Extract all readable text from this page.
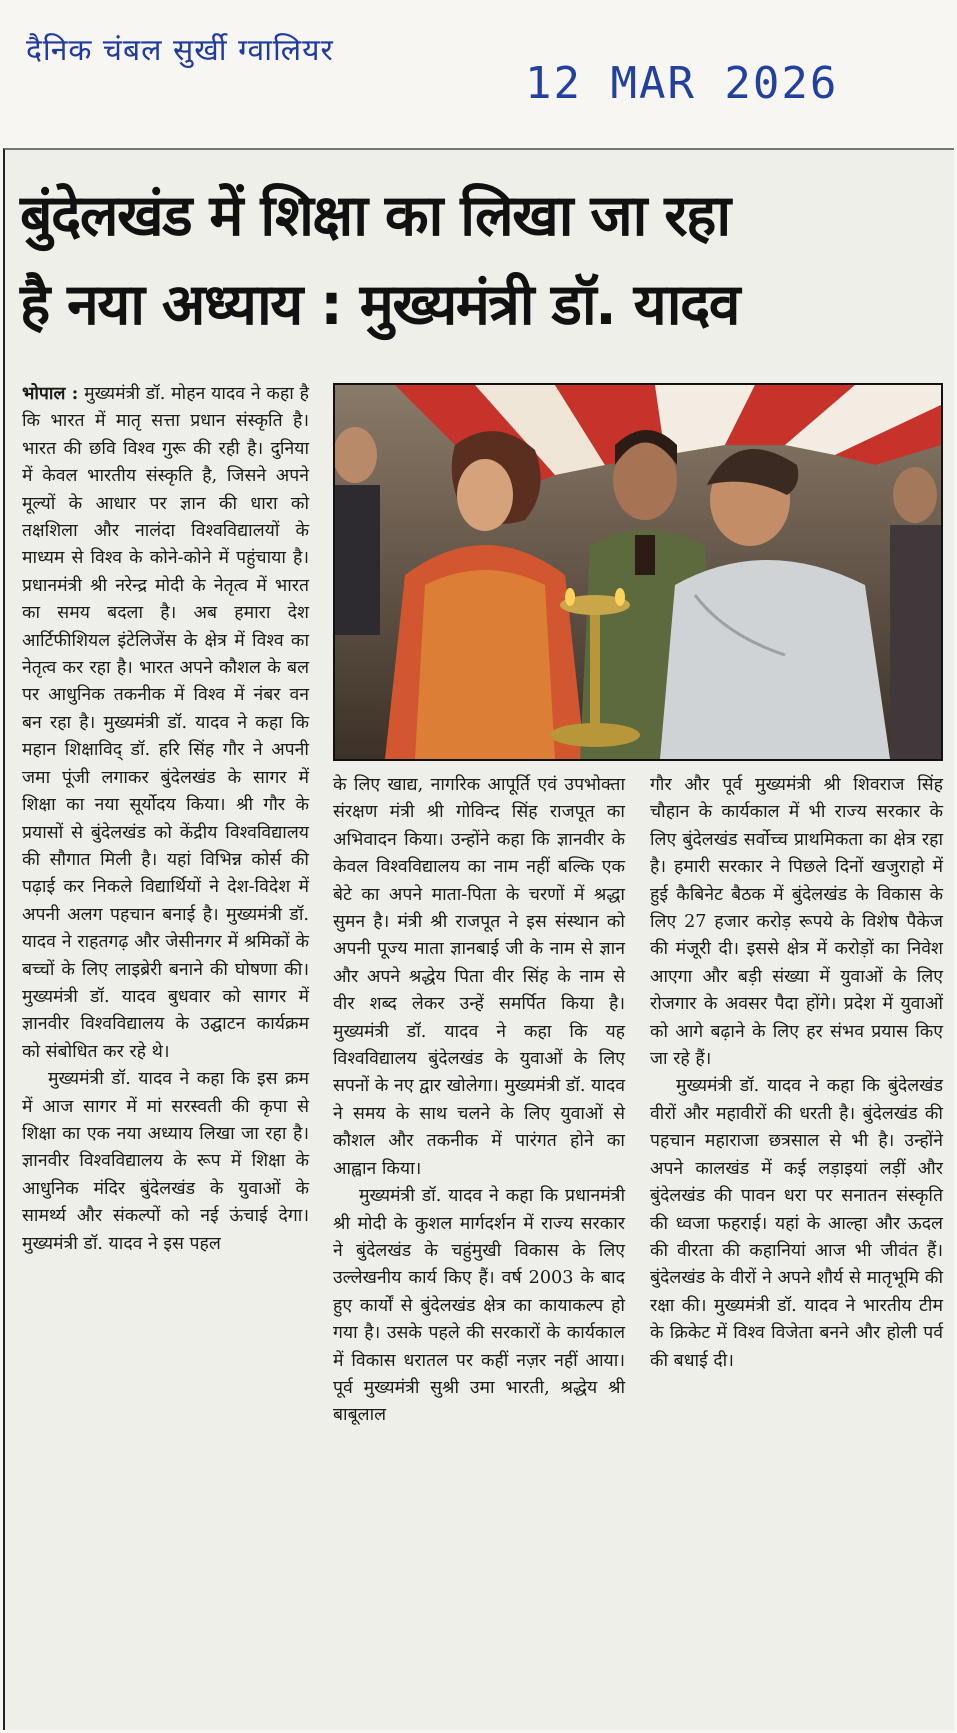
दैनिक चंबल सुर्खी ग्वालियर
12 MAR 2026
बुंदेलखंड में शिक्षा का लिखा जा रहा
है नया अध्याय : मुख्यमंत्री डॉ. यादव

भोपाल : मुख्यमंत्री डॉ. मोहन यादव ने कहा है कि भारत में मातृ सत्ता प्रधान संस्कृति है। भारत की छवि विश्व गुरू की रही है। दुनिया में केवल भारतीय संस्कृति है, जिसने अपने मूल्यों के आधार पर ज्ञान की धारा को तक्षशिला और नालंदा विश्वविद्यालयों के माध्यम से विश्व के कोने-कोने में पहुंचाया है। प्रधानमंत्री श्री नरेन्द्र मोदी के नेतृत्व में भारत का समय बदला है। अब हमारा देश आर्टिफीशियल इंटेलिजेंस के क्षेत्र में विश्व का नेतृत्व कर रहा है। भारत अपने कौशल के बल पर आधुनिक तकनीक में विश्व में नंबर वन बन रहा है। मुख्यमंत्री डॉ. यादव ने कहा कि महान शिक्षाविद् डॉ. हरि सिंह गौर ने अपनी जमा पूंजी लगाकर बुंदेलखंड के सागर में शिक्षा का नया सूर्योदय किया। श्री गौर के प्रयासों से बुंदेलखंड को केंद्रीय विश्वविद्यालय की सौगात मिली है। यहां विभिन्न कोर्स की पढ़ाई कर निकले विद्यार्थियों ने देश-विदेश में अपनी अलग पहचान बनाई है। मुख्यमंत्री डॉ. यादव ने राहतगढ़ और जेसीनगर में श्रमिकों के बच्चों के लिए लाइब्रेरी बनाने की घोषणा की। मुख्यमंत्री डॉ. यादव बुधवार को सागर में ज्ञानवीर विश्वविद्यालय के उद्घाटन कार्यक्रम को संबोधित कर रहे थे।

मुख्यमंत्री डॉ. यादव ने कहा कि इस क्रम में आज सागर में मां सरस्वती की कृपा से शिक्षा का एक नया अध्याय लिखा जा रहा है। ज्ञानवीर विश्वविद्यालय के रूप में शिक्षा के आधुनिक मंदिर बुंदेलखंड के युवाओं के सामर्थ्य और संकल्पों को नई ऊंचाई देगा। मुख्यमंत्री डॉ. यादव ने इस पहल

के लिए खाद्य, नागरिक आपूर्ति एवं उपभोक्ता संरक्षण मंत्री श्री गोविन्द सिंह राजपूत का अभिवादन किया। उन्होंने कहा कि ज्ञानवीर के केवल विश्वविद्यालय का नाम नहीं बल्कि एक बेटे का अपने माता-पिता के चरणों में श्रद्धा सुमन है। मंत्री श्री राजपूत ने इस संस्थान को अपनी पूज्य माता ज्ञानबाई जी के नाम से ज्ञान और अपने श्रद्धेय पिता वीर सिंह के नाम से वीर शब्द लेकर उन्हें समर्पित किया है। मुख्यमंत्री डॉ. यादव ने कहा कि यह विश्वविद्यालय बुंदेलखंड के युवाओं के लिए सपनों के नए द्वार खोलेगा। मुख्यमंत्री डॉ. यादव ने समय के साथ चलने के लिए युवाओं से कौशल और तकनीक में पारंगत होने का आह्वान किया।

मुख्यमंत्री डॉ. यादव ने कहा कि प्रधानमंत्री श्री मोदी के कुशल मार्गदर्शन में राज्य सरकार ने बुंदेलखंड के चहुंमुखी विकास के लिए उल्लेखनीय कार्य किए हैं। वर्ष 2003 के बाद हुए कार्यों से बुंदेलखंड क्षेत्र का कायाकल्प हो गया है। उसके पहले की सरकारों के कार्यकाल में विकास धरातल पर कहीं नज़र नहीं आया। पूर्व मुख्यमंत्री सुश्री उमा भारती, श्रद्धेय श्री बाबूलाल

गौर और पूर्व मुख्यमंत्री श्री शिवराज सिंह चौहान के कार्यकाल में भी राज्य सरकार के लिए बुंदेलखंड सर्वोच्च प्राथमिकता का क्षेत्र रहा है। हमारी सरकार ने पिछले दिनों खजुराहो में हुई कैबिनेट बैठक में बुंदेलखंड के विकास के लिए 27 हजार करोड़ रूपये के विशेष पैकेज की मंजूरी दी। इससे क्षेत्र में करोड़ों का निवेश आएगा और बड़ी संख्या में युवाओं के लिए रोजगार के अवसर पैदा होंगे। प्रदेश में युवाओं को आगे बढ़ाने के लिए हर संभव प्रयास किए जा रहे हैं।

मुख्यमंत्री डॉ. यादव ने कहा कि बुंदेलखंड वीरों और महावीरों की धरती है। बुंदेलखंड की पहचान महाराजा छत्रसाल से भी है। उन्होंने अपने कालखंड में कई लड़ाइयां लड़ीं और बुंदेलखंड की पावन धरा पर सनातन संस्कृति की ध्वजा फहराई। यहां के आल्हा और ऊदल की वीरता की कहानियां आज भी जीवंत हैं। बुंदेलखंड के वीरों ने अपने शौर्य से मातृभूमि की रक्षा की। मुख्यमंत्री डॉ. यादव ने भारतीय टीम के क्रिकेट में विश्व विजेता बनने और होली पर्व की बधाई दी।
